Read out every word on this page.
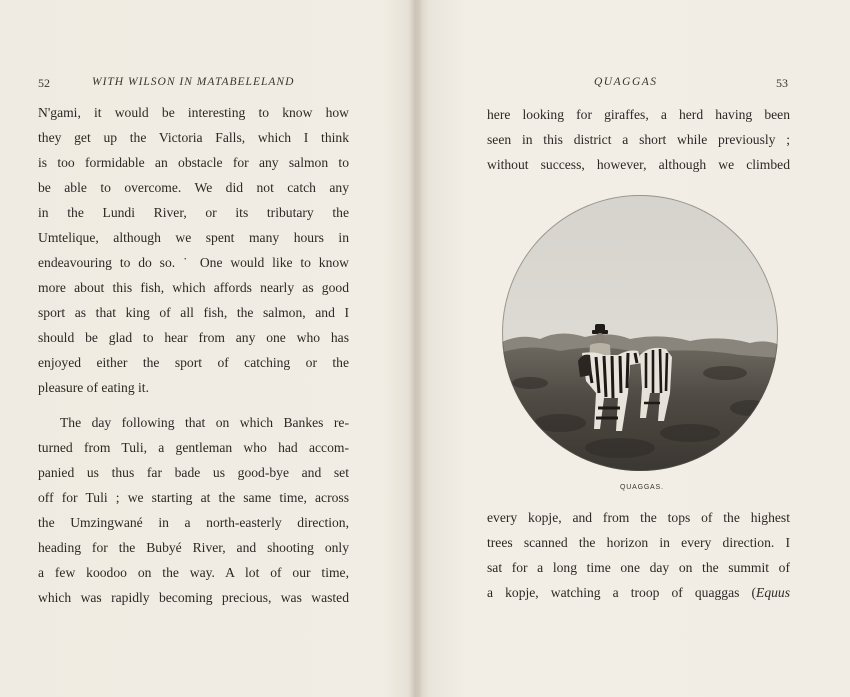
52	WITH WILSON IN MATABELELAND
N'gami, it would be interesting to know how
they get up the Victoria Falls, which I think
is too formidable an obstacle for any salmon to
be able to overcome. We did not catch any
in the Lundi River, or its tributary the
Umtelique, although we spent many hours in
endeavouring to do so. ˙ One would like to know
more about this fish, which affords nearly as good
sport as that king of all fish, the salmon, and I
should be glad to hear from any one who has
enjoyed either the sport of catching or the
pleasure of eating it.
The day following that on which Bankes re-
turned from Tuli, a gentleman who had accom-
panied us thus far bade us good-bye and set
off for Tuli ; we starting at the same time, across
the Umzingwané in a north-easterly direction,
heading for the Bubyé River, and shooting only
a few koodoo on the way. A lot of our time,
which was rapidly becoming precious, was wasted
QUAGGAS	53
here looking for giraffes, a herd having been
seen in this district a short while previously ;
without success, however, although we climbed
QUAGGAS.
every kopje, and from the tops of the highest
trees scanned the horizon in every direction. I
sat for a long time one day on the summit of
a kopje, watching a troop of quaggas (Equus
